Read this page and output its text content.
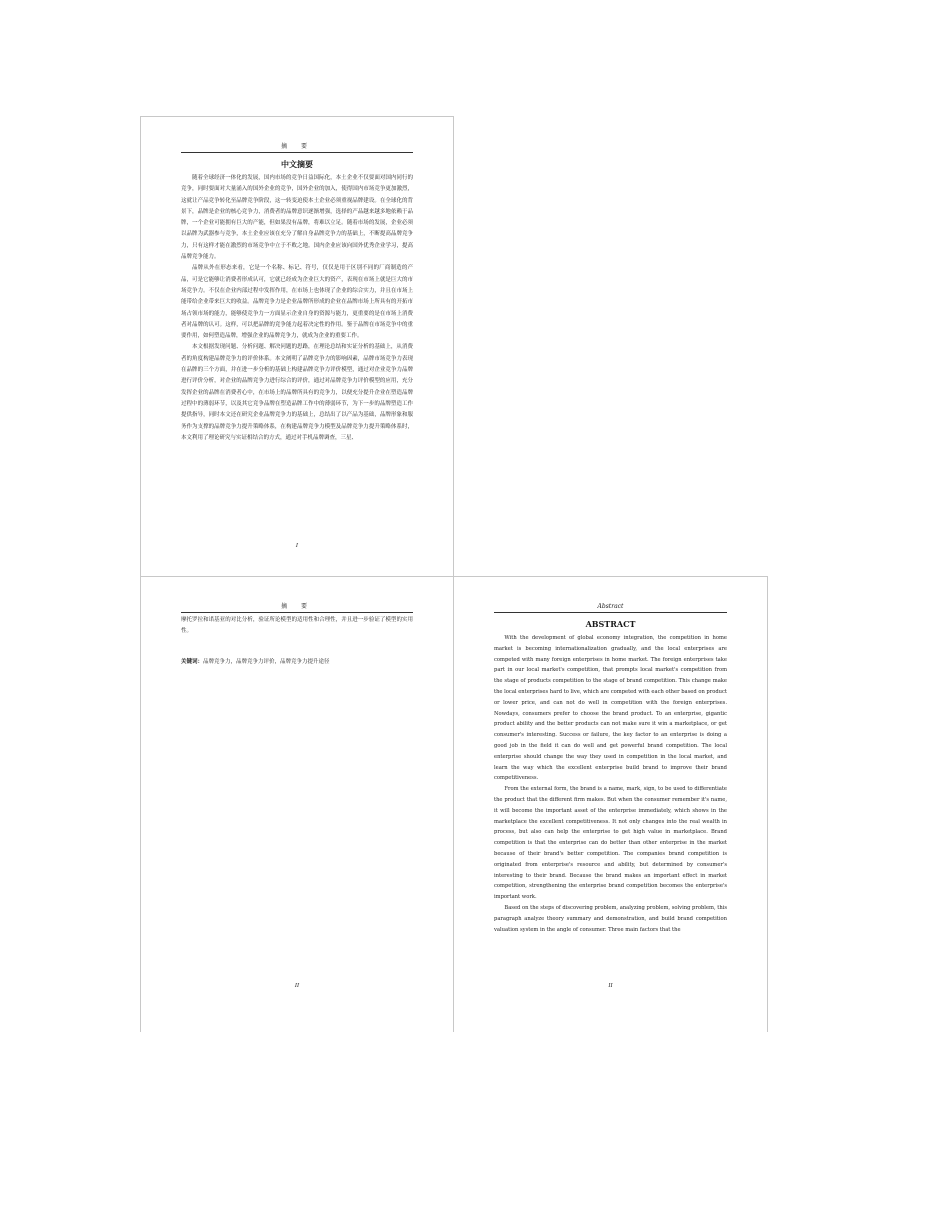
摘 要
中文摘要

随着全球经济一体化的发展，国内市场的竞争日益国际化，本土企业不仅要面对国内同行的竞争，同时要面对大量涌入的国外企业的竞争，国外企业的加入，使得国内市场竞争更加激烈，这就让产品竞争转化至品牌竞争阶段，这一转变迫使本土企业必须重视品牌建设。在全球化的背景下，品牌是企业的核心竞争力，消费者的品牌意识逐渐增强，选择的产品越来越多地依赖于品牌，一个企业可能拥有巨大的产能，但如果没有品牌，将难以立足。随着市场的发展，企业必须以品牌为武器参与竞争，本土企业应该在充分了解自身品牌竞争力的基础上，不断提高品牌竞争力，只有这样才能在激烈的市场竞争中立于不败之地。国内企业应该向国外优秀企业学习，提高品牌竞争能力。

品牌从外在形态来看，它是一个名称、标记、符号，仅仅是用于区别不同的厂商制造的产品，可是它能够让消费者形成认可，它就已经成为企业巨大的资产，表现在市场上就是巨大的市场竞争力。不仅在企业内部过程中发挥作用，在市场上也体现了企业的综合实力，并且在市场上能带给企业带来巨大的收益。品牌竞争力是企业品牌所形成的企业在品牌市场上所具有的开拓市场占领市场的能力，能够使竞争力一方面显示企业自身的资源与能力，更重要的是在市场上消费者对品牌的认可。这样，可以把品牌的竞争能力起着决定性的作用。鉴于品牌在市场竞争中的重要作用，如何塑造品牌，增强企业的品牌竞争力，就成为企业的重要工作。

本文根据发现问题、分析问题、解决问题的思路，在理论总结和实证分析的基础上，从消费者的角度构建品牌竞争力的评价体系。本文阐明了品牌竞争力的影响因素，品牌市场竞争力表现在品牌的三个方面，并在进一步分析的基础上构建品牌竞争力评价模型，通过对企业竞争力品牌进行评价分析，对企业的品牌竞争力进行综合的评价，通过对品牌竞争力评价模型的应用，充分发挥企业的品牌在消费者心中，在市场上的品牌所具有的竞争力，以便充分提升企业在塑造品牌过程中的薄弱环节，以及其它竞争品牌在塑造品牌工作中的薄弱环节，为下一步的品牌塑造工作提供指导，同时本文还在研究企业品牌竞争力的基础上，总结出了以产品为基础，品牌形象和服务作为支撑的品牌竞争力提升策略体系，在构建品牌竞争力模型及品牌竞争力提升策略体系时，本文利用了理论研究与实证相结合的方式，通过对手机品牌调查，三星、

I
摘 要

摩托罗拉和诺基亚的对比分析，验证所论模型的适用性和合理性，并且进一步验证了模型的实用性。

关键词：品牌竞争力，品牌竞争力评价，品牌竞争力提升途径
II
Abstract
ABSTRACT

With the development of global economy integration, the competition in home market is becoming internationalization gradually, and the local enterprises are competed with many foreign enterprises in home market. The foreign enterprises take part in our local market's competition, that prompts local market's competition from the stage of products competition to the stage of brand competition. This change make the local enterprises hard to live, which are competed with each other based on product or lower price, and can not do well in competition with the foreign enterprises. Nowdays, consumers prefer to choose the brand product. To an enterprise, gigantic product ability and the better products can not make sure it win a marketplace, or get consumer's interesting. Success or failure, the key factor to an enterprise is doing a good job in the field it can do well and get powerful brand competition. The local enterprise should change the way they used in competition in the local market, and learn the way which the excellent enterprise build brand to improve their brand competitiveness.

From the external form, the brand is a name, mark, sign, to be used to differentiate the product that the different firm makes. But when the consumer remember it's name, it will become the important asset of the enterprise immediately, which shows in the marketplace the excellent competitiveness. It not only changes into the real wealth in process, but also can help the enterprise to get high value in marketplace. Brand competition is that the enterprise can do better than other enterprise in the market because of their brand's better competition. The companies brand competition is originated from enterprise's resource and ability, but determined by consumer's interesting to their brand. Because the brand makes an important effect in market competition, strengthening the enterprise brand competition becomes the enterprise's important work.

Based on the steps of discovering problem, analyzing problem, solving problem, this paragraph analyze theory summary and demonstration, and build brand competition valuation system in the angle of consumer. Three main factors that the

II
